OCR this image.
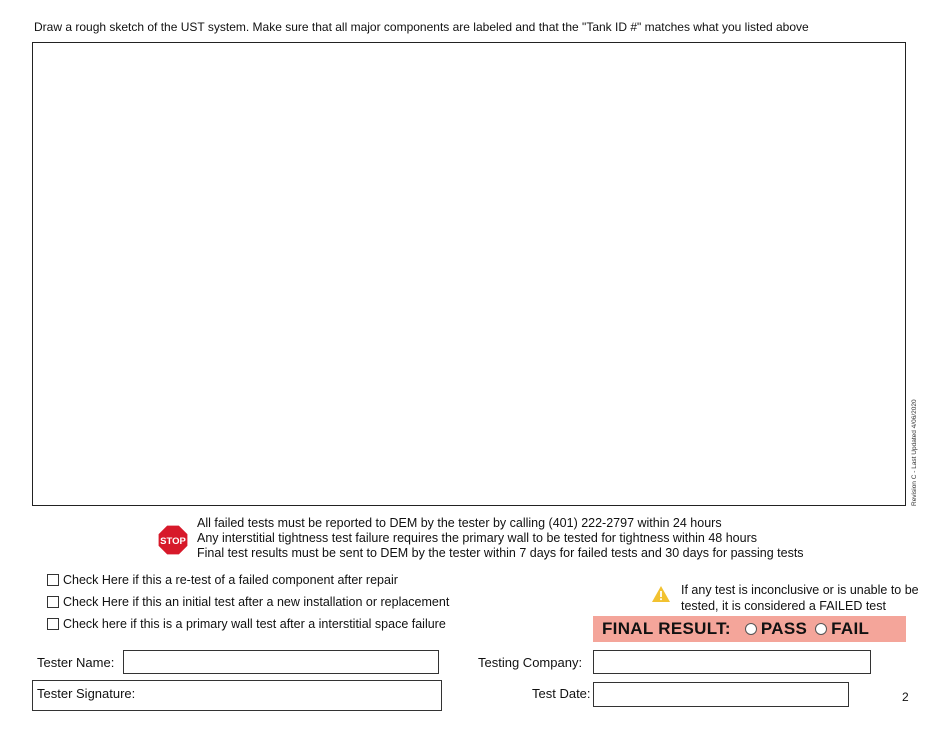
Draw a rough sketch of the UST system. Make sure that all major components are labeled and that the "Tank ID #" matches what you listed above
Revision C - Last Updated 4/06/2020
STOP
All failed tests must be reported to DEM by the tester by calling (401) 222-2797 within 24 hours
Any interstitial tightness test failure requires the primary wall to be tested for tightness within 48 hours
Final test results must be sent to DEM by the tester within 7 days for failed tests and 30 days for passing tests
Check Here if this a re-test of a failed component after repair
Check Here if this an initial test after a new installation or replacement
Check here if this is a primary wall test after a interstitial space failure
If any test is inconclusive or is unable to be
tested, it is considered a FAILED test
FINAL RESULT: PASS FAIL
Tester Name:	Testing Company:
Tester Signature:	Test Date:	2
